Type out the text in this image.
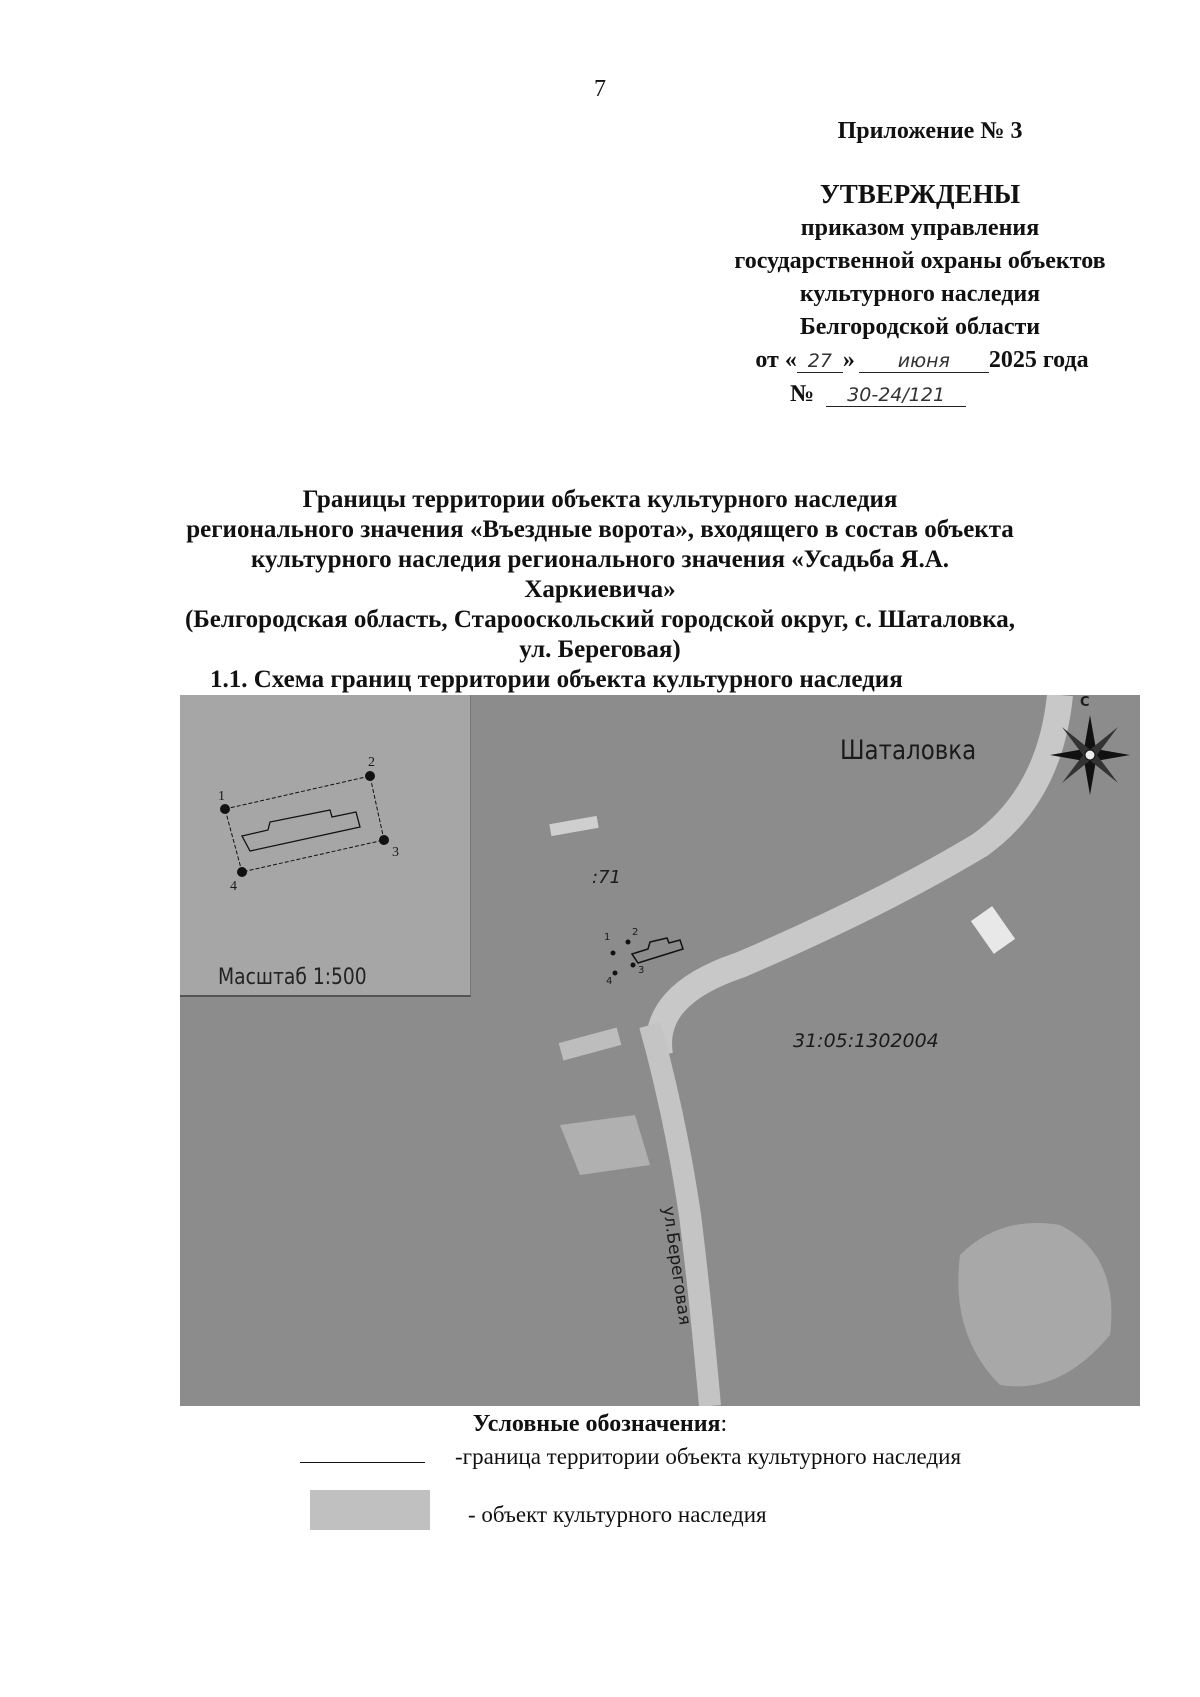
7
Приложение № 3
УТВЕРЖДЕНЫ
приказом управления
государственной охраны объектов
культурного наследия
Белгородской области
от « 27 » июня 2025 года
№ 30-24/121
Границы территории объекта культурного наследия
регионального значения «Въездные ворота», входящего в состав объекта
культурного наследия регионального значения «Усадьба Я.А. Харкиевича»
(Белгородская область, Старооскольский городской округ, с. Шаталовка,
ул. Береговая)
1.1. Схема границ территории объекта культурного наследия
С
Шаталовка
:71
31:05:1302004
ул.Береговая
1 2
3
4
1
2
3
4
Масштаб 1:500
Условные обозначения:
-граница территории объекта культурного наследия
- объект культурного наследия
